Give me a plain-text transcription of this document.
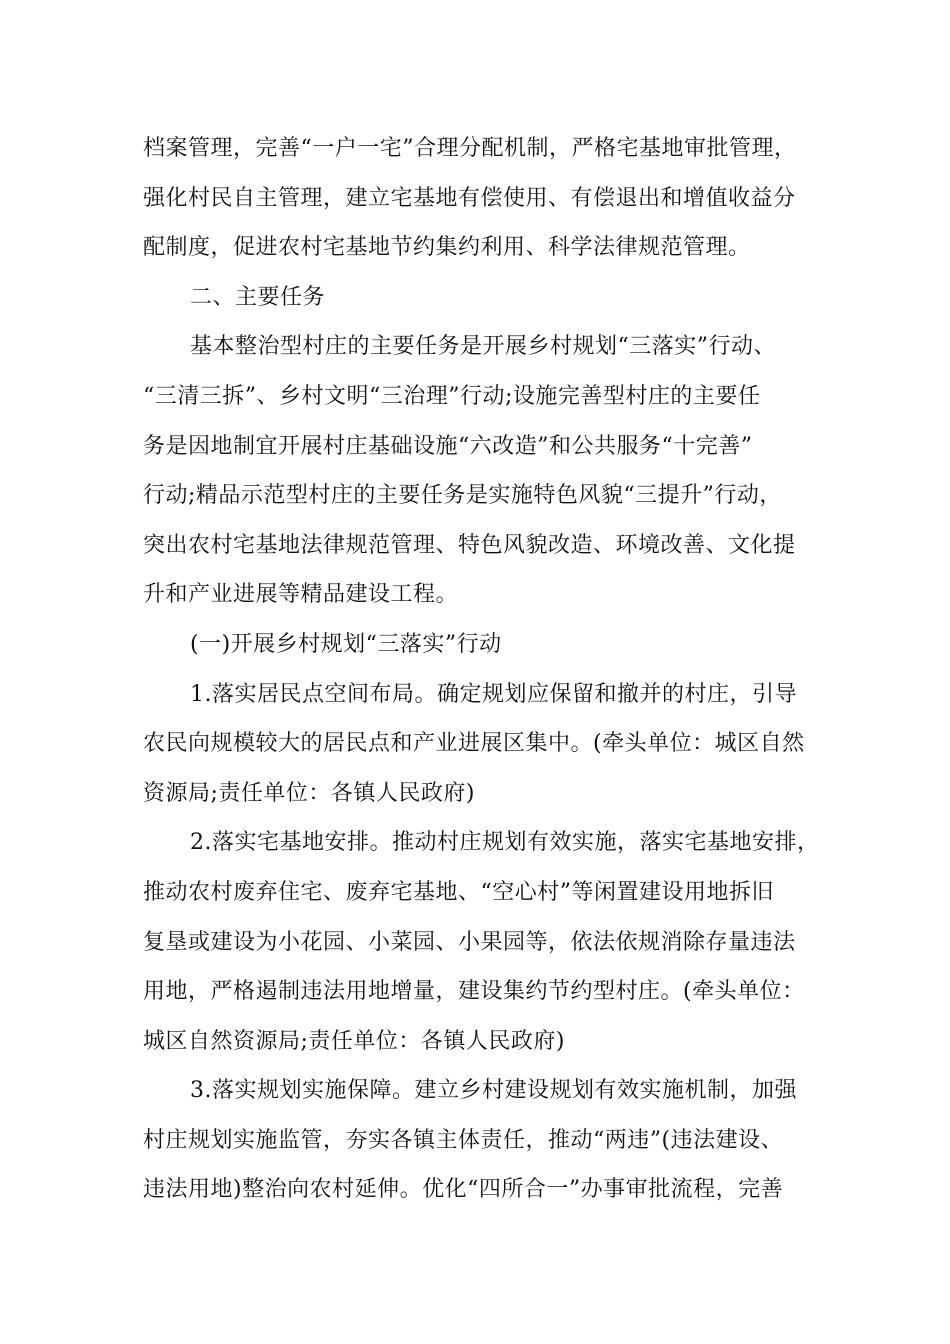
档案管理，完善“一户一宅”合理分配机制，严格宅基地审批管理，
强化村民自主管理，建立宅基地有偿使用、有偿退出和增值收益分
配制度，促进农村宅基地节约集约利用、科学法律规范管理。
二、主要任务
基本整治型村庄的主要任务是开展乡村规划“三落实”行动、
“三清三拆”、乡村文明“三治理”行动;设施完善型村庄的主要任
务是因地制宜开展村庄基础设施“六改造”和公共服务“十完善”
行动;精品示范型村庄的主要任务是实施特色风貌“三提升”行动，
突出农村宅基地法律规范管理、特色风貌改造、环境改善、文化提
升和产业进展等精品建设工程。
(一)开展乡村规划“三落实”行动
1.落实居民点空间布局。确定规划应保留和撤并的村庄，引导
农民向规模较大的居民点和产业进展区集中。(牵头单位：城区自然
资源局;责任单位：各镇人民政府)
2.落实宅基地安排。推动村庄规划有效实施，落实宅基地安排，
推动农村废弃住宅、废弃宅基地、“空心村”等闲置建设用地拆旧
复垦或建设为小花园、小菜园、小果园等，依法依规消除存量违法
用地，严格遏制违法用地增量，建设集约节约型村庄。(牵头单位：
城区自然资源局;责任单位：各镇人民政府)
3.落实规划实施保障。建立乡村建设规划有效实施机制，加强
村庄规划实施监管，夯实各镇主体责任，推动“两违”(违法建设、
违法用地)整治向农村延伸。优化“四所合一”办事审批流程，完善
